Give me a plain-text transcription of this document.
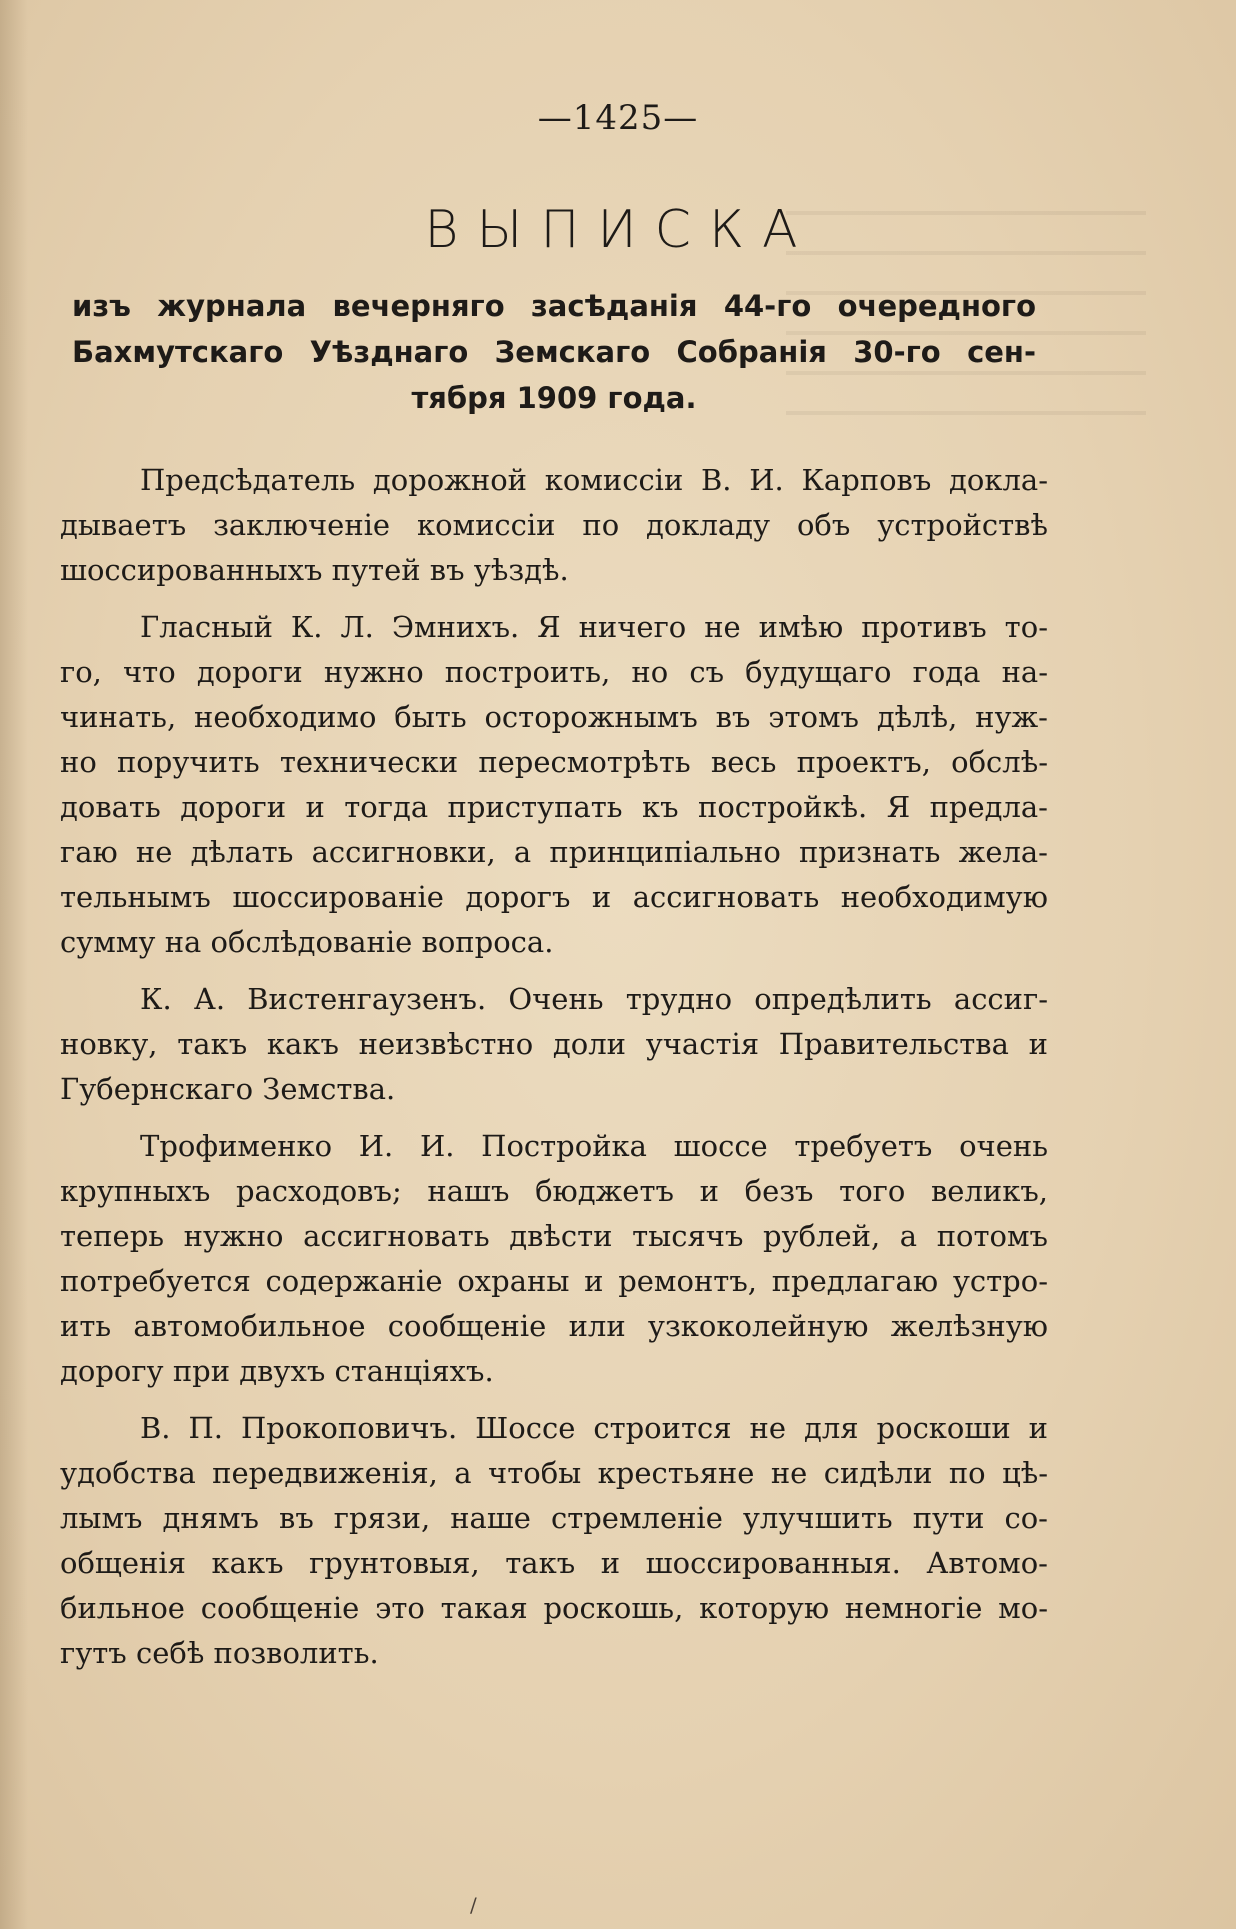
—1425—
ВЫПИСКА
изъ журнала вечерняго засѣданія 44-го очередного
Бахмутскаго Уѣзднаго Земскаго Собранія 30-го сен-
тября 1909 года.
Предсѣдатель дорожной комиссіи В. И. Карповъ докла-
дываетъ заключеніе комиссіи по докладу объ устройствѣ
шоссированныхъ путей въ уѣздѣ.
Гласный К. Л. Эмнихъ. Я ничего не имѣю противъ то-
го, что дороги нужно построить, но съ будущаго года на-
чинать, необходимо быть осторожнымъ въ этомъ дѣлѣ, нуж-
но поручить технически пересмотрѣть весь проектъ, обслѣ-
довать дороги и тогда приступать къ постройкѣ. Я предла-
гаю не дѣлать ассигновки, а принципіально признать жела-
тельнымъ шоссированіе дорогъ и ассигновать необходимую
сумму на обслѣдованіе вопроса.
К. А. Вистенгаузенъ. Очень трудно опредѣлить ассиг-
новку, такъ какъ неизвѣстно доли участія Правительства и
Губернскаго Земства.
Трофименко И. И. Постройка шоссе требуетъ очень
крупныхъ расходовъ; нашъ бюджетъ и безъ того великъ,
теперь нужно ассигновать двѣсти тысячъ рублей, а потомъ
потребуется содержаніе охраны и ремонтъ, предлагаю устро-
ить автомобильное сообщеніе или узкоколейную желѣзную
дорогу при двухъ станціяхъ.
В. П. Прокоповичъ. Шоссе строится не для роскоши и
удобства передвиженія, а чтобы крестьяне не сидѣли по цѣ-
лымъ днямъ въ грязи, наше стремленіе улучшить пути со-
общенія какъ грунтовыя, такъ и шоссированныя. Автомо-
бильное сообщеніе это такая роскошь, которую немногіе мо-
гутъ себѣ позволить.
/
